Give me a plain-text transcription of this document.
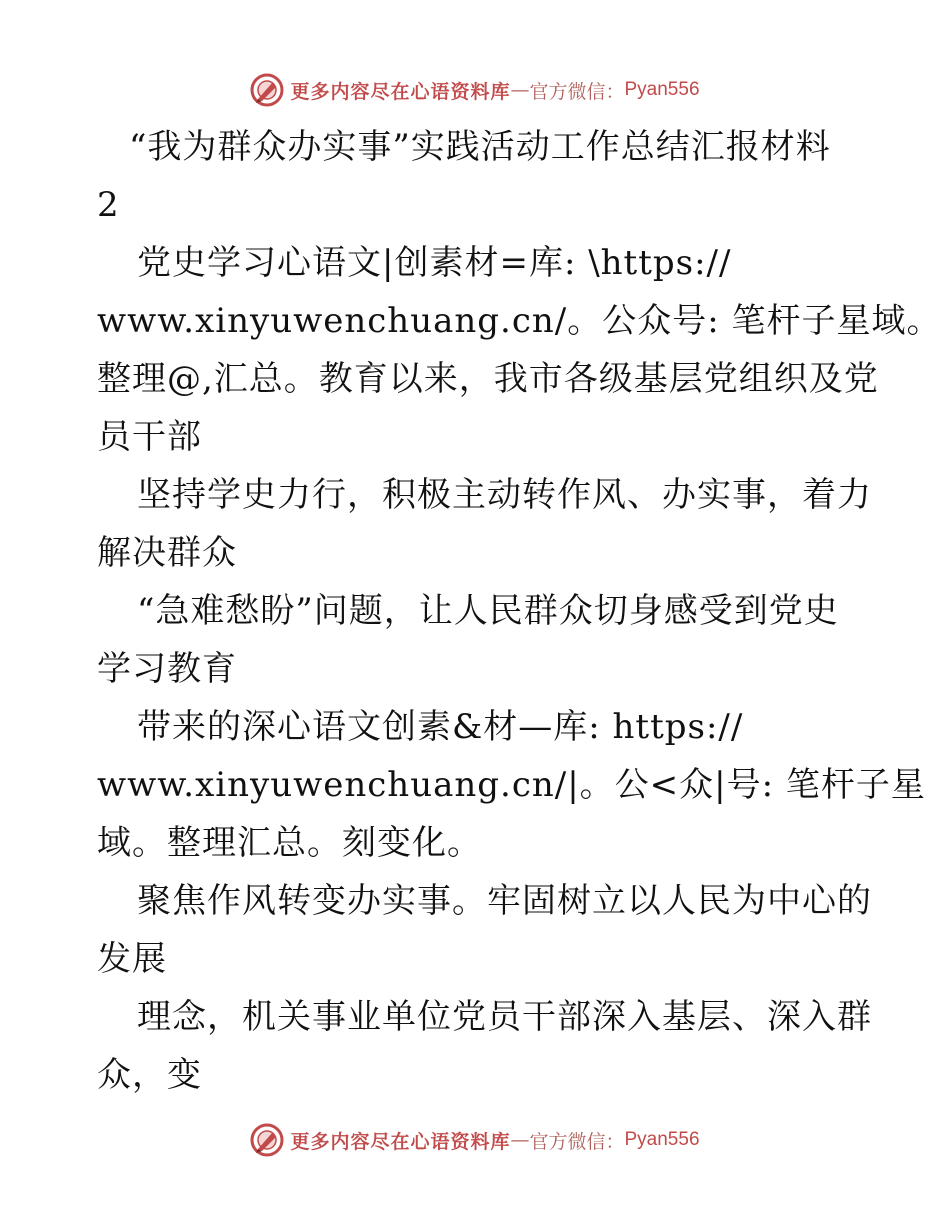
更多内容尽在心语资料库 — 官方微信： Pyan556
“我为群众办实事”实践活动工作总结汇报材料
2
党史学习心语文|创素材=库: \https://
www.xinyuwenchuang.cn/。公众号: 笔杆子星域。
整理@,汇总。教育以来，我市各级基层党组织及党
员干部
坚持学史力行，积极主动转作风、办实事，着力
解决群众
“急难愁盼”问题，让人民群众切身感受到党史
学习教育
带来的深心语文创素&材—库: https://
www.xinyuwenchuang.cn/|。公<众|号: 笔杆子星
域。整理汇总。刻变化。
聚焦作风转变办实事。牢固树立以人民为中心的
发展
理念，机关事业单位党员干部深入基层、深入群
众，变
更多内容尽在心语资料库 — 官方微信： Pyan556
